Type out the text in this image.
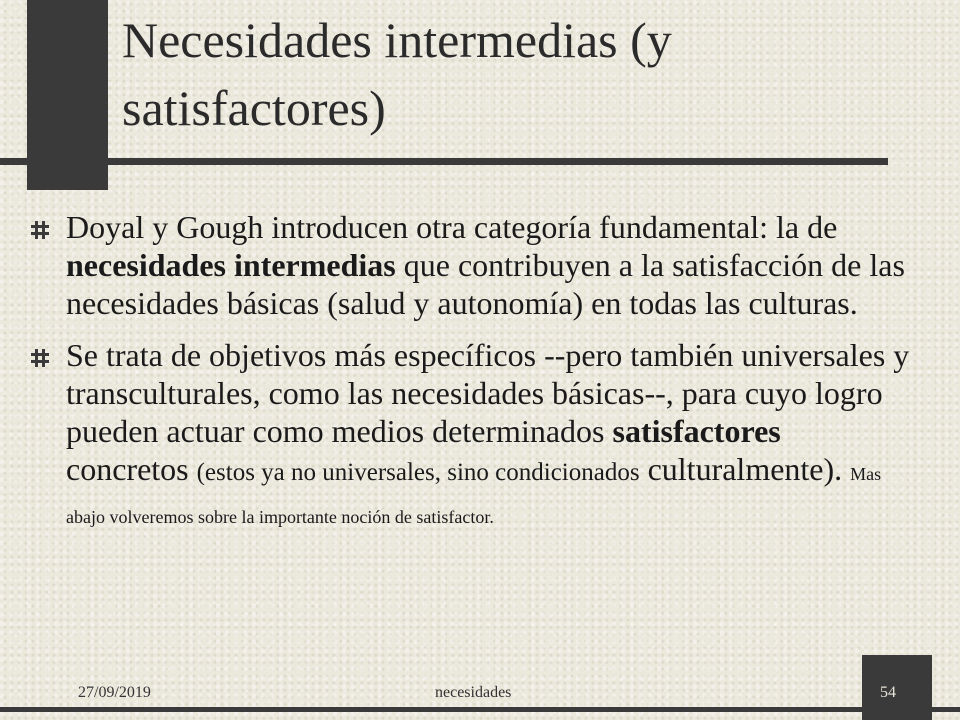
Necesidades intermedias (y satisfactores)

Doyal y Gough introducen otra categoría fundamental: la de necesidades intermedias que contribuyen a la satisfacción de las necesidades básicas (salud y autonomía) en todas las culturas.

Se trata de objetivos más específicos --pero también universales y transculturales, como las necesidades básicas--, para cuyo logro pueden actuar como medios determinados satisfactores concretos (estos ya no universales, sino condicionados culturalmente). Mas abajo volveremos sobre la importante noción de satisfactor.

27/09/2019	necesidades	54
